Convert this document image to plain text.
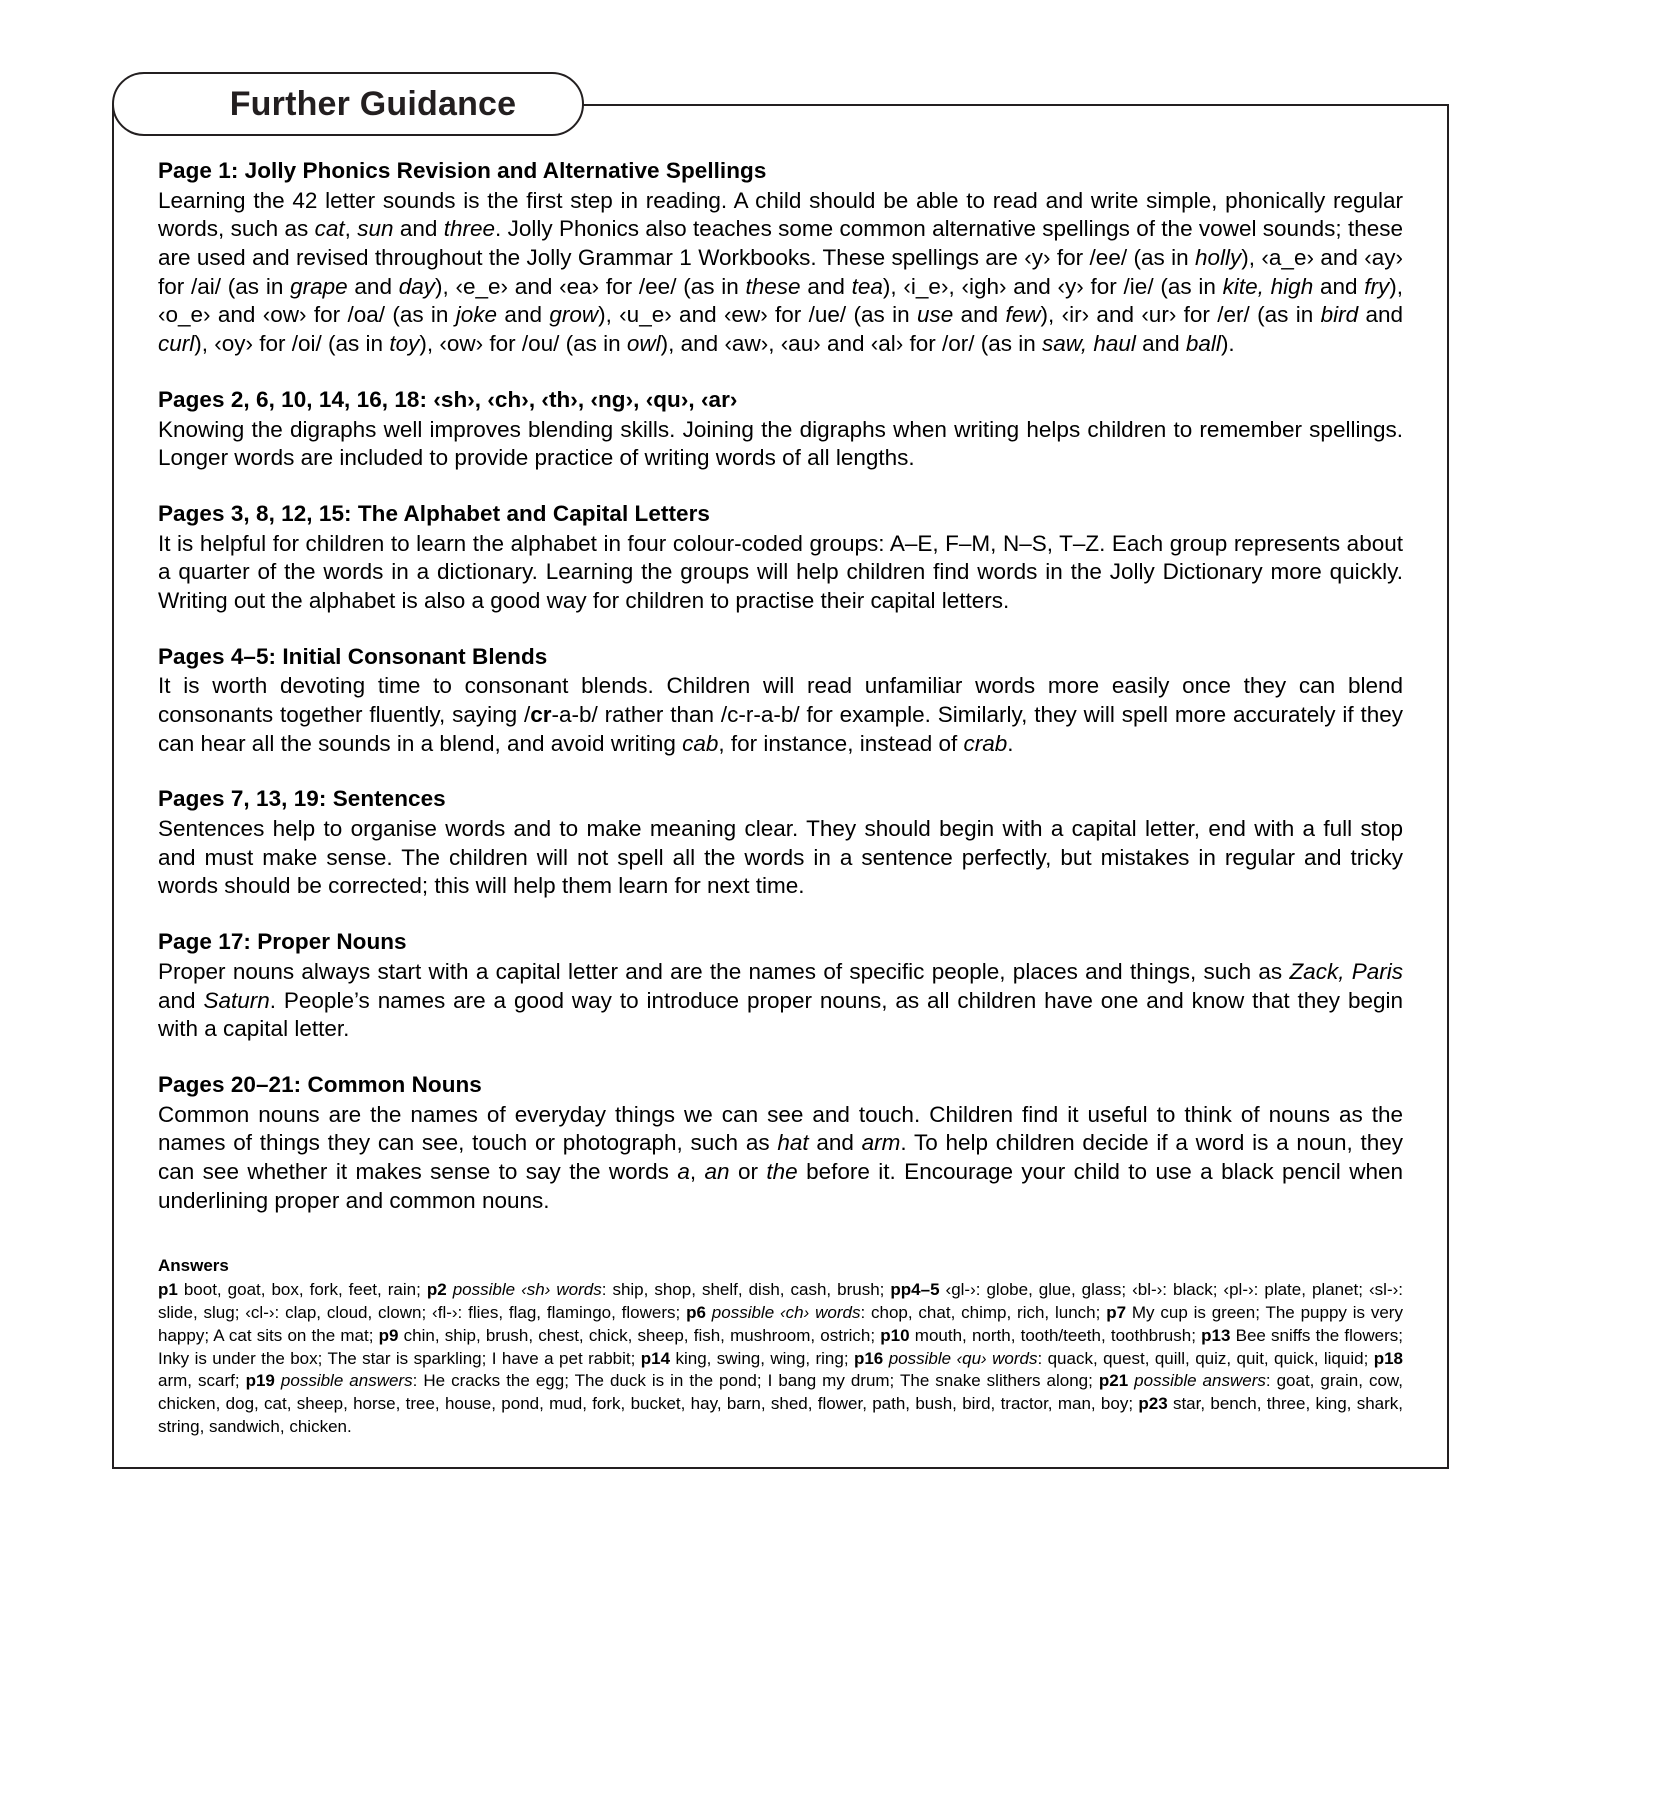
Further Guidance
Page 1: Jolly Phonics Revision and Alternative Spellings

Learning the 42 letter sounds is the first step in reading. A child should be able to read and write simple, phonically regular words, such as cat, sun and three. Jolly Phonics also teaches some common alternative spellings of the vowel sounds; these are used and revised throughout the Jolly Grammar 1 Workbooks. These spellings are ‹y› for /ee/ (as in holly), ‹a_e› and ‹ay› for /ai/ (as in grape and day), ‹e_e› and ‹ea› for /ee/ (as in these and tea), ‹i_e›, ‹igh› and ‹y› for /ie/ (as in kite, high and fry), ‹o_e› and ‹ow› for /oa/ (as in joke and grow), ‹u_e› and ‹ew› for /ue/ (as in use and few), ‹ir› and ‹ur› for /er/ (as in bird and curl), ‹oy› for /oi/ (as in toy), ‹ow› for /ou/ (as in owl), and ‹aw›, ‹au› and ‹al› for /or/ (as in saw, haul and ball).

Pages 2, 6, 10, 14, 16, 18: ‹sh›, ‹ch›, ‹th›, ‹ng›, ‹qu›, ‹ar›

Knowing the digraphs well improves blending skills. Joining the digraphs when writing helps children to remember spellings. Longer words are included to provide practice of writing words of all lengths.

Pages 3, 8, 12, 15: The Alphabet and Capital Letters

It is helpful for children to learn the alphabet in four colour-coded groups: A–E, F–M, N–S, T–Z. Each group represents about a quarter of the words in a dictionary. Learning the groups will help children find words in the Jolly Dictionary more quickly. Writing out the alphabet is also a good way for children to practise their capital letters.

Pages 4–5: Initial Consonant Blends

It is worth devoting time to consonant blends. Children will read unfamiliar words more easily once they can blend consonants together fluently, saying /cr-a-b/ rather than /c-r-a-b/ for example. Similarly, they will spell more accurately if they can hear all the sounds in a blend, and avoid writing cab, for instance, instead of crab.

Pages 7, 13, 19: Sentences

Sentences help to organise words and to make meaning clear. They should begin with a capital letter, end with a full stop and must make sense. The children will not spell all the words in a sentence perfectly, but mistakes in regular and tricky words should be corrected; this will help them learn for next time.

Page 17: Proper Nouns

Proper nouns always start with a capital letter and are the names of specific people, places and things, such as Zack, Paris and Saturn. People’s names are a good way to introduce proper nouns, as all children have one and know that they begin with a capital letter.

Pages 20–21: Common Nouns

Common nouns are the names of everyday things we can see and touch. Children find it useful to think of nouns as the names of things they can see, touch or photograph, such as hat and arm. To help children decide if a word is a noun, they can see whether it makes sense to say the words a, an or the before it. Encourage your child to use a black pencil when underlining proper and common nouns.

Answers

p1 boot, goat, box, fork, feet, rain; p2 possible ‹sh› words: ship, shop, shelf, dish, cash, brush; pp4–5 ‹gl-›: globe, glue, glass; ‹bl-›: black; ‹pl-›: plate, planet; ‹sl-›: slide, slug; ‹cl-›: clap, cloud, clown; ‹fl-›: flies, flag, flamingo, flowers; p6 possible ‹ch› words: chop, chat, chimp, rich, lunch; p7 My cup is green; The puppy is very happy; A cat sits on the mat; p9 chin, ship, brush, chest, chick, sheep, fish, mushroom, ostrich; p10 mouth, north, tooth/teeth, toothbrush; p13 Bee sniffs the flowers; Inky is under the box; The star is sparkling; I have a pet rabbit; p14 king, swing, wing, ring; p16 possible ‹qu› words: quack, quest, quill, quiz, quit, quick, liquid; p18 arm, scarf; p19 possible answers: He cracks the egg; The duck is in the pond; I bang my drum; The snake slithers along; p21 possible answers: goat, grain, cow, chicken, dog, cat, sheep, horse, tree, house, pond, mud, fork, bucket, hay, barn, shed, flower, path, bush, bird, tractor, man, boy; p23 star, bench, three, king, shark, string, sandwich, chicken.
